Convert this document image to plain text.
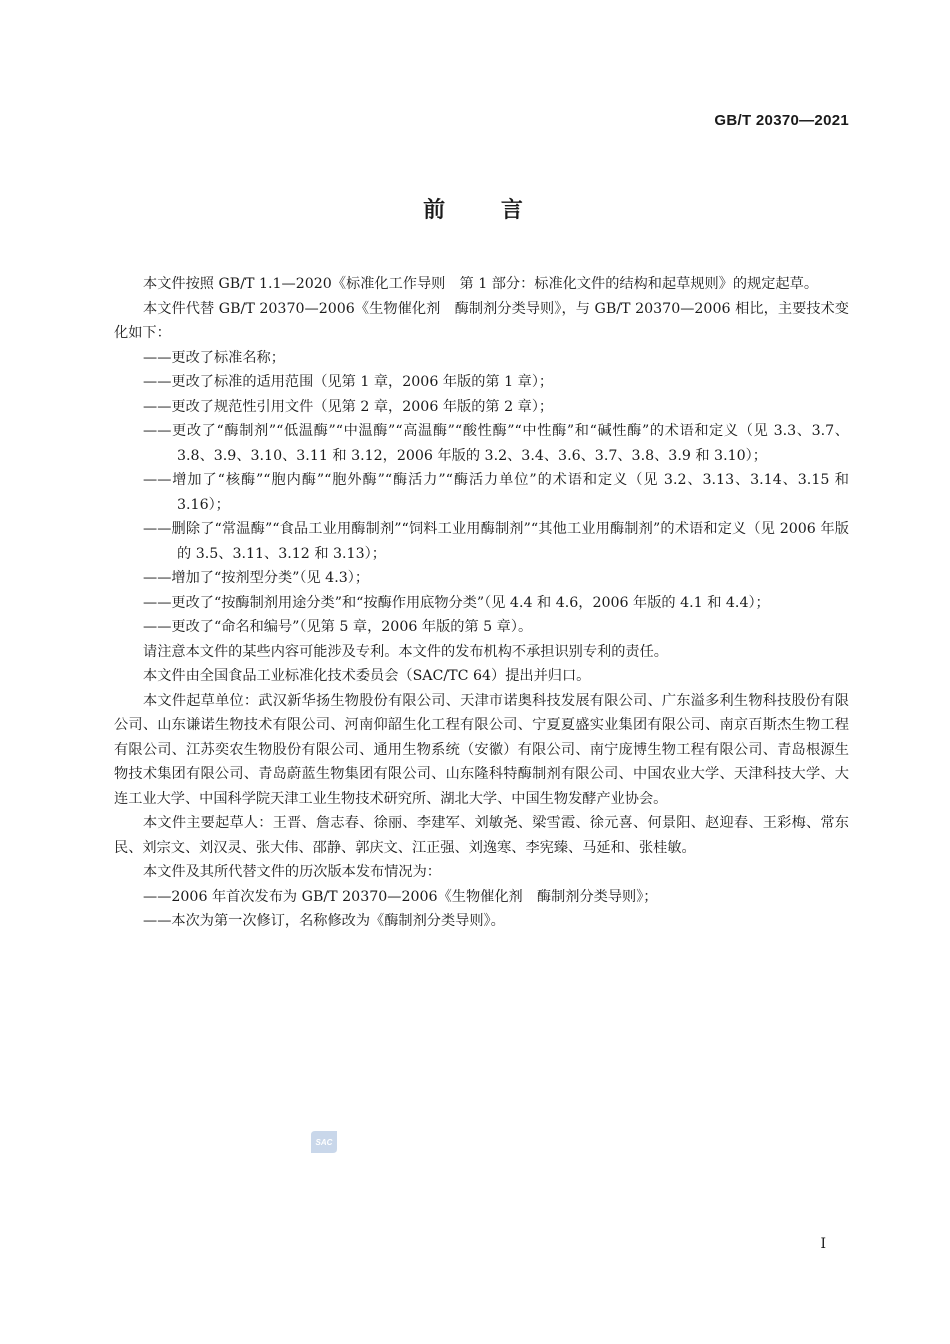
GB/T 20370—2021
前 言

本文件按照 GB/T 1.1—2020《标准化工作导则　第 1 部分：标准化文件的结构和起草规则》的规定起草。

本文件代替 GB/T 20370—2006《生物催化剂　酶制剂分类导则》，与 GB/T 20370—2006 相比，主要技术变化如下：

——更改了标准名称；

——更改了标准的适用范围（见第 1 章，2006 年版的第 1 章）；

——更改了规范性引用文件（见第 2 章，2006 年版的第 2 章）；

——更改了“酶制剂”“低温酶”“中温酶”“高温酶”“酸性酶”“中性酶”和“碱性酶”的术语和定义（见 3.3、3.7、3.8、3.9、3.10、3.11 和 3.12，2006 年版的 3.2、3.4、3.6、3.7、3.8、3.9 和 3.10）；

——增加了“核酶”“胞内酶”“胞外酶”“酶活力”“酶活力单位”的术语和定义（见 3.2、3.13、3.14、3.15 和 3.16）；

——删除了“常温酶”“食品工业用酶制剂”“饲料工业用酶制剂”“其他工业用酶制剂”的术语和定义（见 2006 年版的 3.5、3.11、3.12 和 3.13）；

——增加了“按剂型分类”（见 4.3）；

——更改了“按酶制剂用途分类”和“按酶作用底物分类”（见 4.4 和 4.6，2006 年版的 4.1 和 4.4）；

——更改了“命名和编号”（见第 5 章，2006 年版的第 5 章）。

请注意本文件的某些内容可能涉及专利。本文件的发布机构不承担识别专利的责任。

本文件由全国食品工业标准化技术委员会（SAC/TC 64）提出并归口。

本文件起草单位：武汉新华扬生物股份有限公司、天津市诺奥科技发展有限公司、广东溢多利生物科技股份有限公司、山东谦诺生物技术有限公司、河南仰韶生化工程有限公司、宁夏夏盛实业集团有限公司、南京百斯杰生物工程有限公司、江苏奕农生物股份有限公司、通用生物系统（安徽）有限公司、南宁庞博生物工程有限公司、青岛根源生物技术集团有限公司、青岛蔚蓝生物集团有限公司、山东隆科特酶制剂有限公司、中国农业大学、天津科技大学、大连工业大学、中国科学院天津工业生物技术研究所、湖北大学、中国生物发酵产业协会。

本文件主要起草人：王晋、詹志春、徐丽、李建军、刘敏尧、梁雪霞、徐元喜、何景阳、赵迎春、王彩梅、常东民、刘宗文、刘汉灵、张大伟、邵静、郭庆文、江正强、刘逸寒、李宪臻、马延和、张桂敏。

本文件及其所代替文件的历次版本发布情况为：

——2006 年首次发布为 GB/T 20370—2006《生物催化剂　酶制剂分类导则》；

——本次为第一次修订，名称修改为《酶制剂分类导则》。

SAC
I
